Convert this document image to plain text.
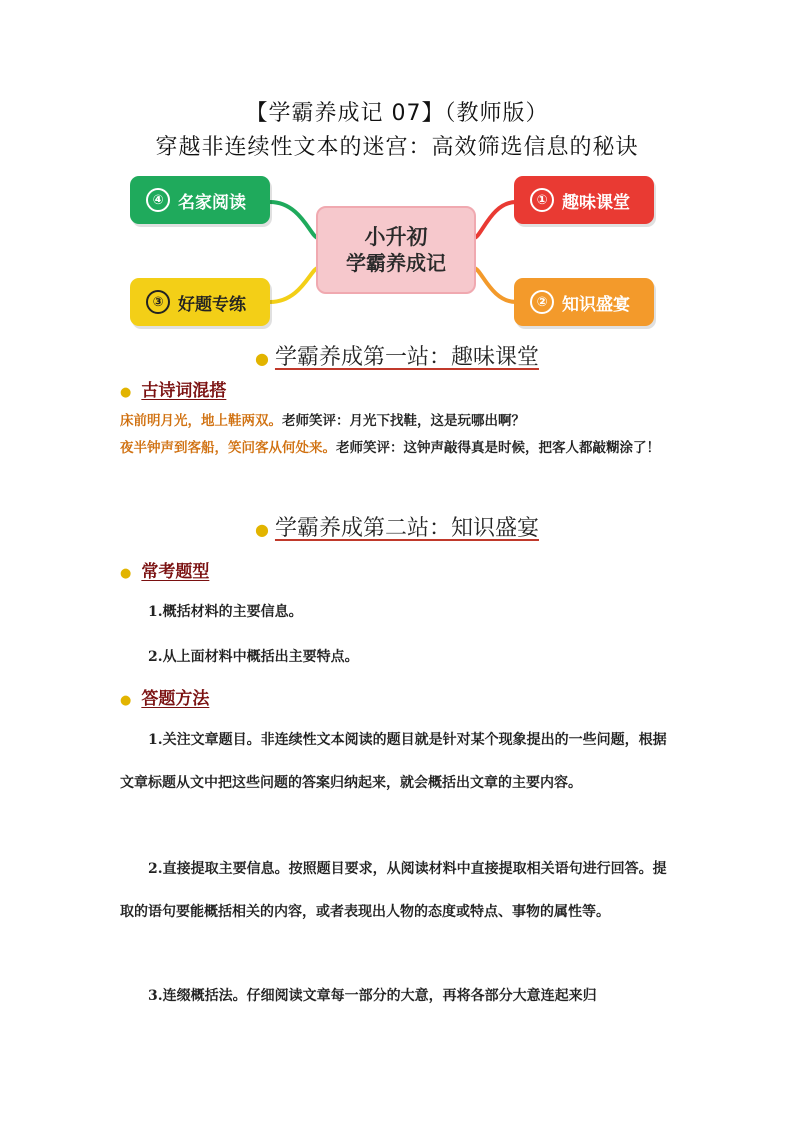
【学霸养成记 07】（教师版）
穿越非连续性文本的迷宫：高效筛选信息的秘诀
④ 名家阅读	① 趣味课堂
③ 好题专练	② 知识盛宴
小升初
学霸养成记
● 学霸养成第一站：趣味课堂
● 古诗词混搭
床前明月光，地上鞋两双。老师笑评：月光下找鞋，这是玩哪出啊？
夜半钟声到客船，笑问客从何处来。老师笑评：这钟声敲得真是时候，把客人都敲糊涂了！
● 学霸养成第二站：知识盛宴
● 常考题型
1.概括材料的主要信息。
2.从上面材料中概括出主要特点。
● 答题方法
1.关注文章题目。非连续性文本阅读的题目就是针对某个现象提出的一些问题，根据文章标题从文中把这些问题的答案归纳起来，就会概括出文章的主要内容。
2.直接提取主要信息。按照题目要求，从阅读材料中直接提取相关语句进行回答。提取的语句要能概括相关的内容，或者表现出人物的态度或特点、事物的属性等。
3.连缀概括法。仔细阅读文章每一部分的大意，再将各部分大意连起来归
